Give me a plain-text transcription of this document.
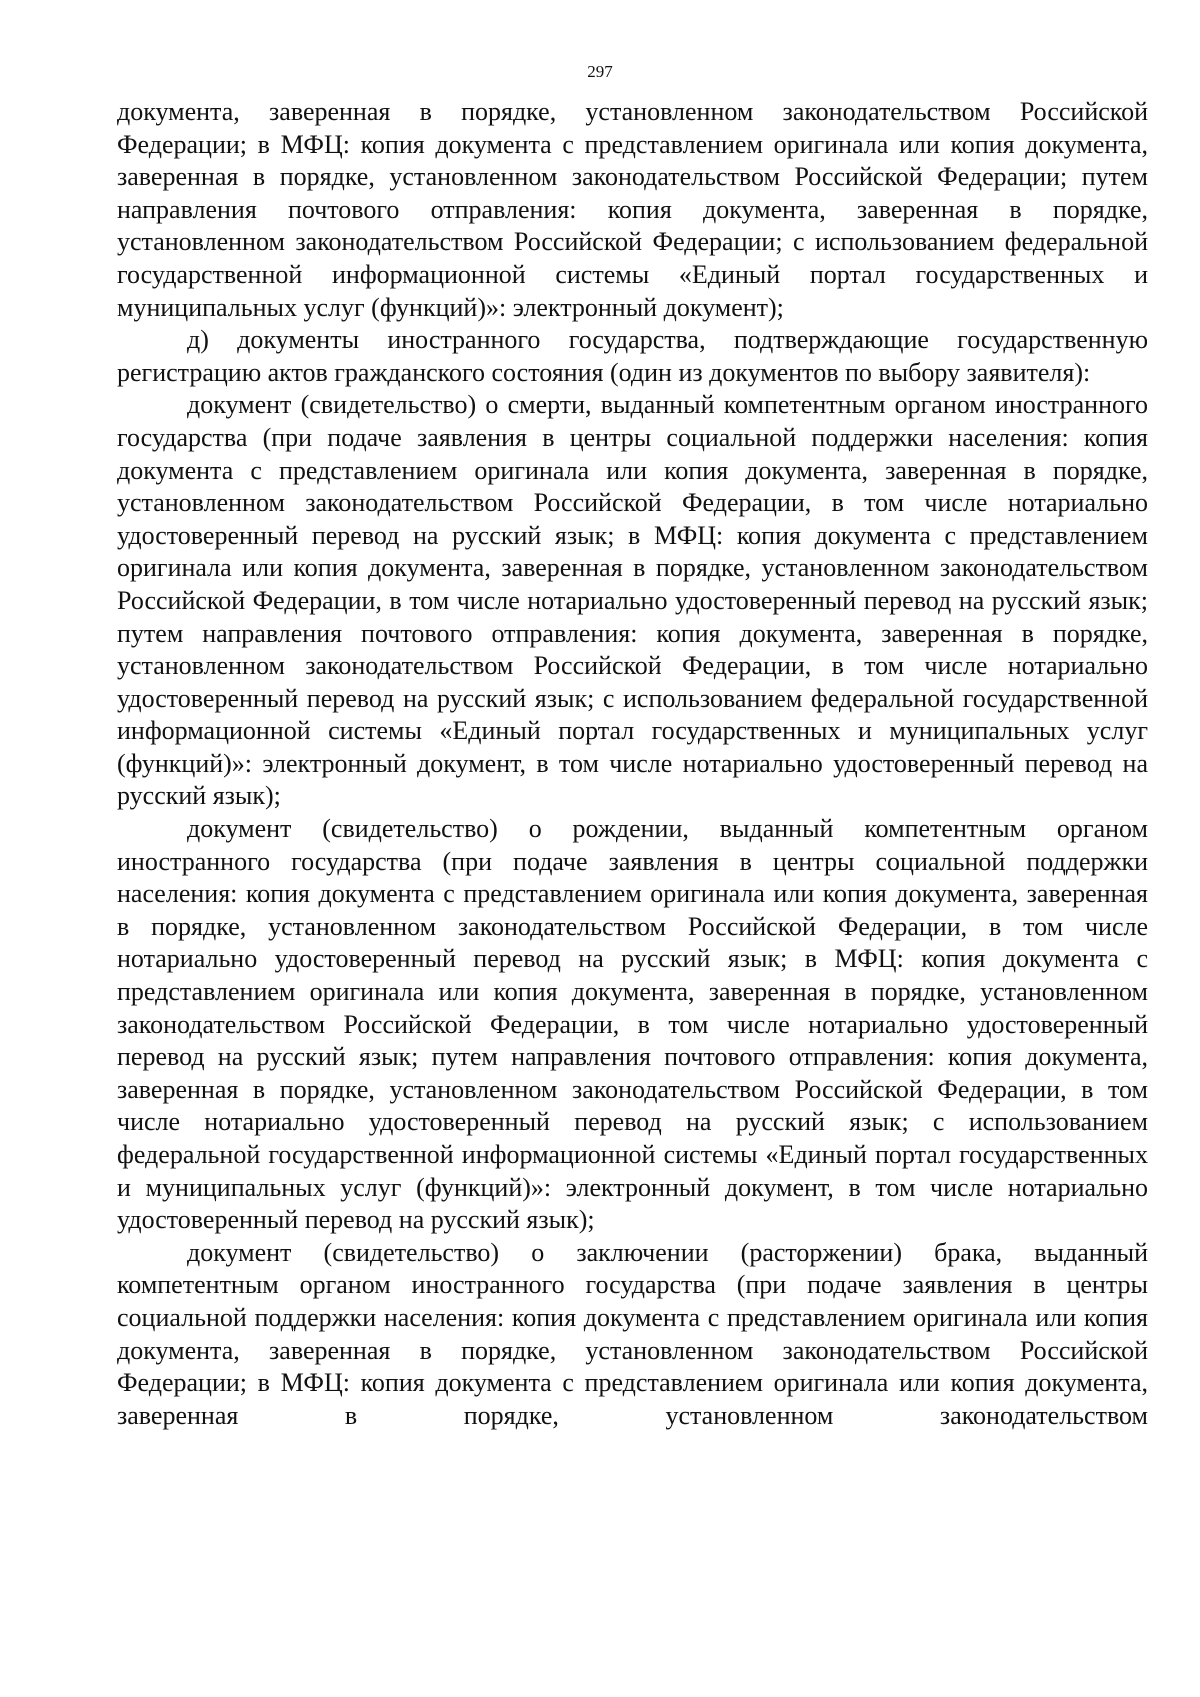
297

документа, заверенная в порядке, установленном законодательством Российской Федерации; в МФЦ: копия документа с представлением оригинала или копия документа, заверенная в порядке, установленном законодательством Российской Федерации; путем направления почтового отправления: копия документа, заверенная в порядке, установленном законодательством Российской Федерации; с использованием федеральной государственной информационной системы «Единый портал государственных и муниципальных услуг (функций)»: электронный документ);

д) документы иностранного государства, подтверждающие государственную регистрацию актов гражданского состояния (один из документов по выбору заявителя):

документ (свидетельство) о смерти, выданный компетентным органом иностранного государства (при подаче заявления в центры социальной поддержки населения: копия документа с представлением оригинала или копия документа, заверенная в порядке, установленном законодательством Российской Федерации, в том числе нотариально удостоверенный перевод на русский язык; в МФЦ: копия документа с представлением оригинала или копия документа, заверенная в порядке, установленном законодательством Российской Федерации, в том числе нотариально удостоверенный перевод на русский язык; путем направления почтового отправления: копия документа, заверенная в порядке, установленном законодательством Российской Федерации, в том числе нотариально удостоверенный перевод на русский язык; с использованием федеральной государственной информационной системы «Единый портал государственных и муниципальных услуг (функций)»: электронный документ, в том числе нотариально удостоверенный перевод на русский язык);

документ (свидетельство) о рождении, выданный компетентным органом иностранного государства (при подаче заявления в центры социальной поддержки населения: копия документа с представлением оригинала или копия документа, заверенная в порядке, установленном законодательством Российской Федерации, в том числе нотариально удостоверенный перевод на русский язык; в МФЦ: копия документа с представлением оригинала или копия документа, заверенная в порядке, установленном законодательством Российской Федерации, в том числе нотариально удостоверенный перевод на русский язык; путем направления почтового отправления: копия документа, заверенная в порядке, установленном законодательством Российской Федерации, в том числе нотариально удостоверенный перевод на русский язык; с использованием федеральной государственной информационной системы «Единый портал государственных и муниципальных услуг (функций)»: электронный документ, в том числе нотариально удостоверенный перевод на русский язык);

документ (свидетельство) о заключении (расторжении) брака, выданный компетентным органом иностранного государства (при подаче заявления в центры социальной поддержки населения: копия документа с представлением оригинала или копия документа, заверенная в порядке, установленном законодательством Российской Федерации; в МФЦ: копия документа с представлением оригинала или копия документа, заверенная в порядке, установленном законодательством
